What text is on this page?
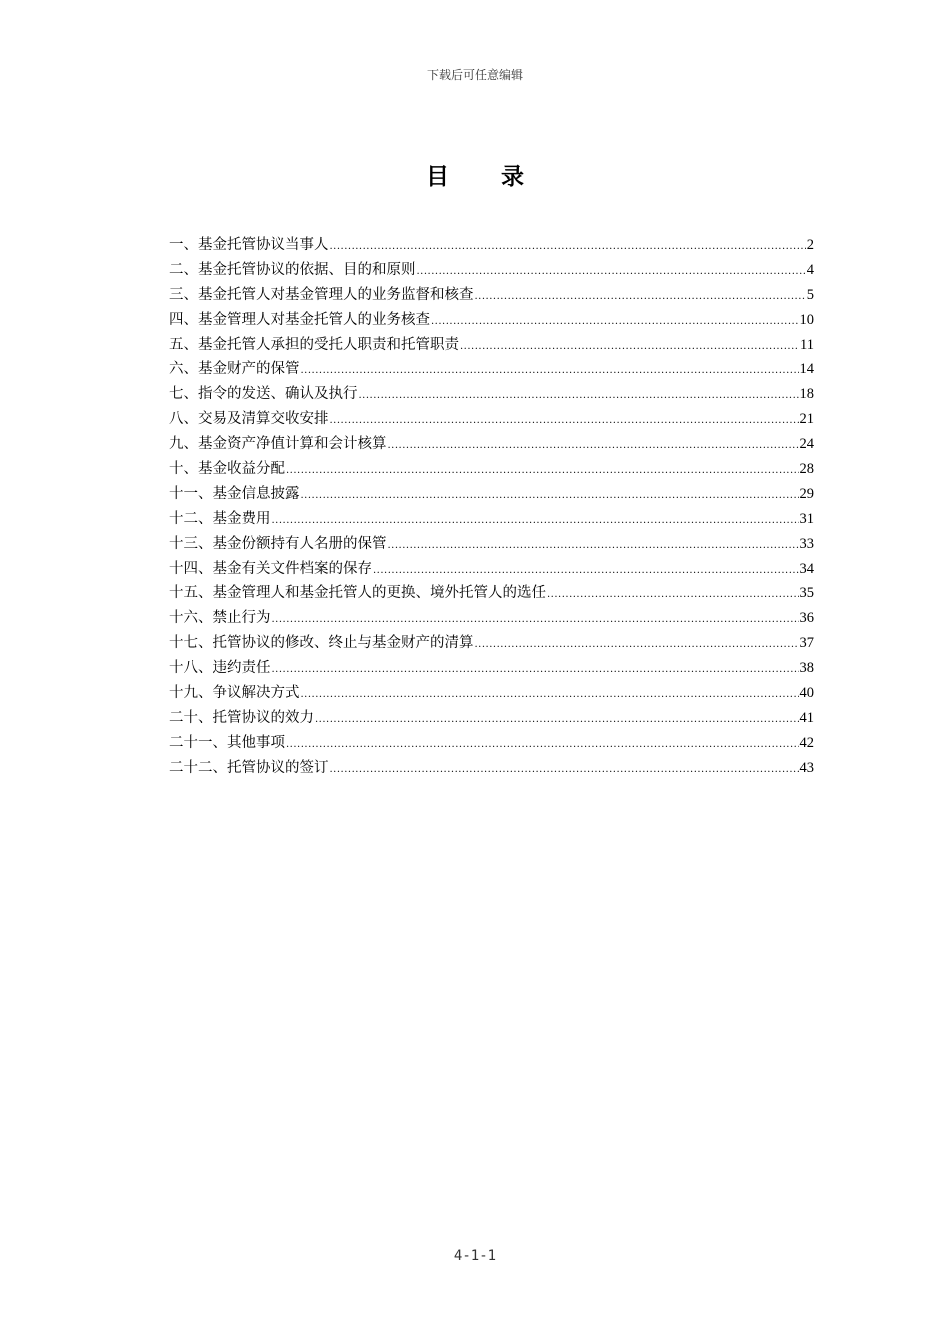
下载后可任意编辑
目 录
一、基金托管协议当事人 .....	2
二、基金托管协议的依据、目的和原则 .....	4
三、基金托管人对基金管理人的业务监督和核查 .....	5
四、基金管理人对基金托管人的业务核查 .....	10
五、基金托管人承担的受托人职责和托管职责 .....	11
六、基金财产的保管 .....	14
七、指令的发送、确认及执行 .....	18
八、交易及清算交收安排 .....	21
九、基金资产净值计算和会计核算 .....	24
十、基金收益分配 .....	28
十一、基金信息披露 .....	29
十二、基金费用 .....	31
十三、基金份额持有人名册的保管 .....	33
十四、基金有关文件档案的保存 .....	34
十五、基金管理人和基金托管人的更换、境外托管人的选任 .....	35
十六、禁止行为 .....	36
十七、托管协议的修改、终止与基金财产的清算 .....	37
十八、违约责任 .....	38
十九、争议解决方式 .....	40
二十、托管协议的效力 .....	41
二十一、其他事项 .....	42
二十二、托管协议的签订 .....	43
4-1-1
